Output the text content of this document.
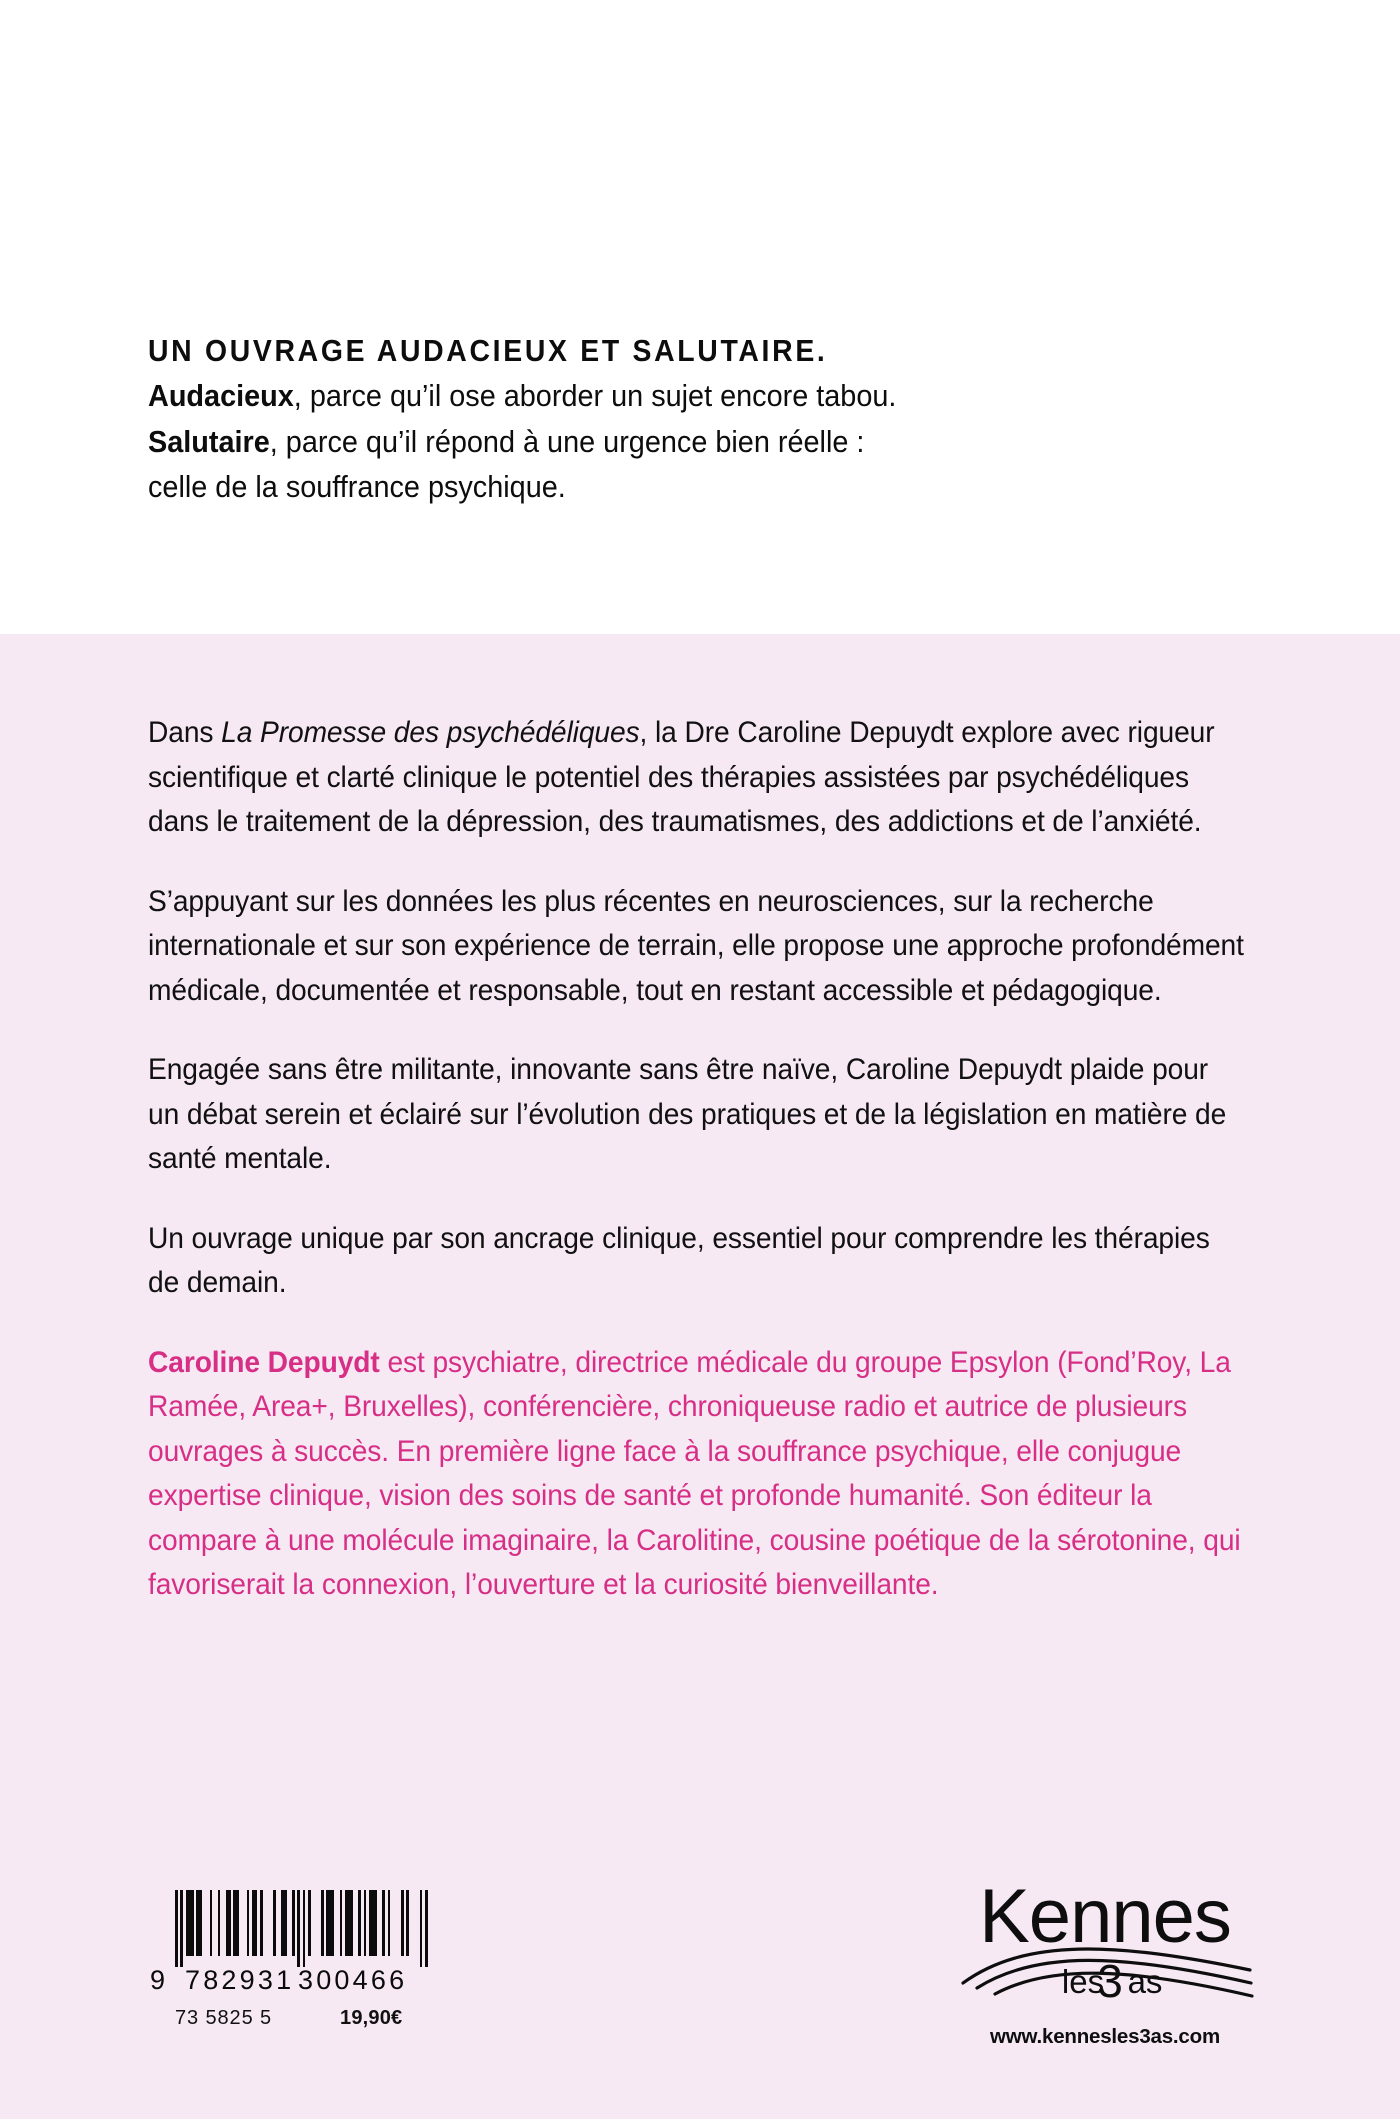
UN OUVRAGE AUDACIEUX ET SALUTAIRE.
Audacieux, parce qu’il ose aborder un sujet encore tabou.
Salutaire, parce qu’il répond à une urgence bien réelle :
celle de la souffrance psychique.

Dans La Promesse des psychédéliques, la Dre Caroline Depuydt explore avec rigueur scientifique et clarté clinique le potentiel des thérapies assistées par psychédéliques dans le traitement de la dépression, des traumatismes, des addictions et de l’anxiété.

S’appuyant sur les données les plus récentes en neurosciences, sur la recherche internationale et sur son expérience de terrain, elle propose une approche profondément médicale, documentée et responsable, tout en restant accessible et pédagogique.

Engagée sans être militante, innovante sans être naïve, Caroline Depuydt plaide pour un débat serein et éclairé sur l’évolution des pratiques et de la législation en matière de santé mentale.

Un ouvrage unique par son ancrage clinique, essentiel pour comprendre les thérapies de demain.

Caroline Depuydt est psychiatre, directrice médicale du groupe Epsylon (Fond’Roy, La Ramée, Area+, Bruxelles), conférencière, chroniqueuse radio et autrice de plusieurs ouvrages à succès. En première ligne face à la souffrance psychique, elle conjugue expertise clinique, vision des soins de santé et profonde humanité. Son éditeur la compare à une molécule imaginaire, la Carolitine, cousine poétique de la sérotonine, qui favoriserait la connexion, l’ouverture et la curiosité bienveillante.

9 782931 300466
73 5825 5	19,90€
Kennes
les
3 as
www.kennesles3as.com
